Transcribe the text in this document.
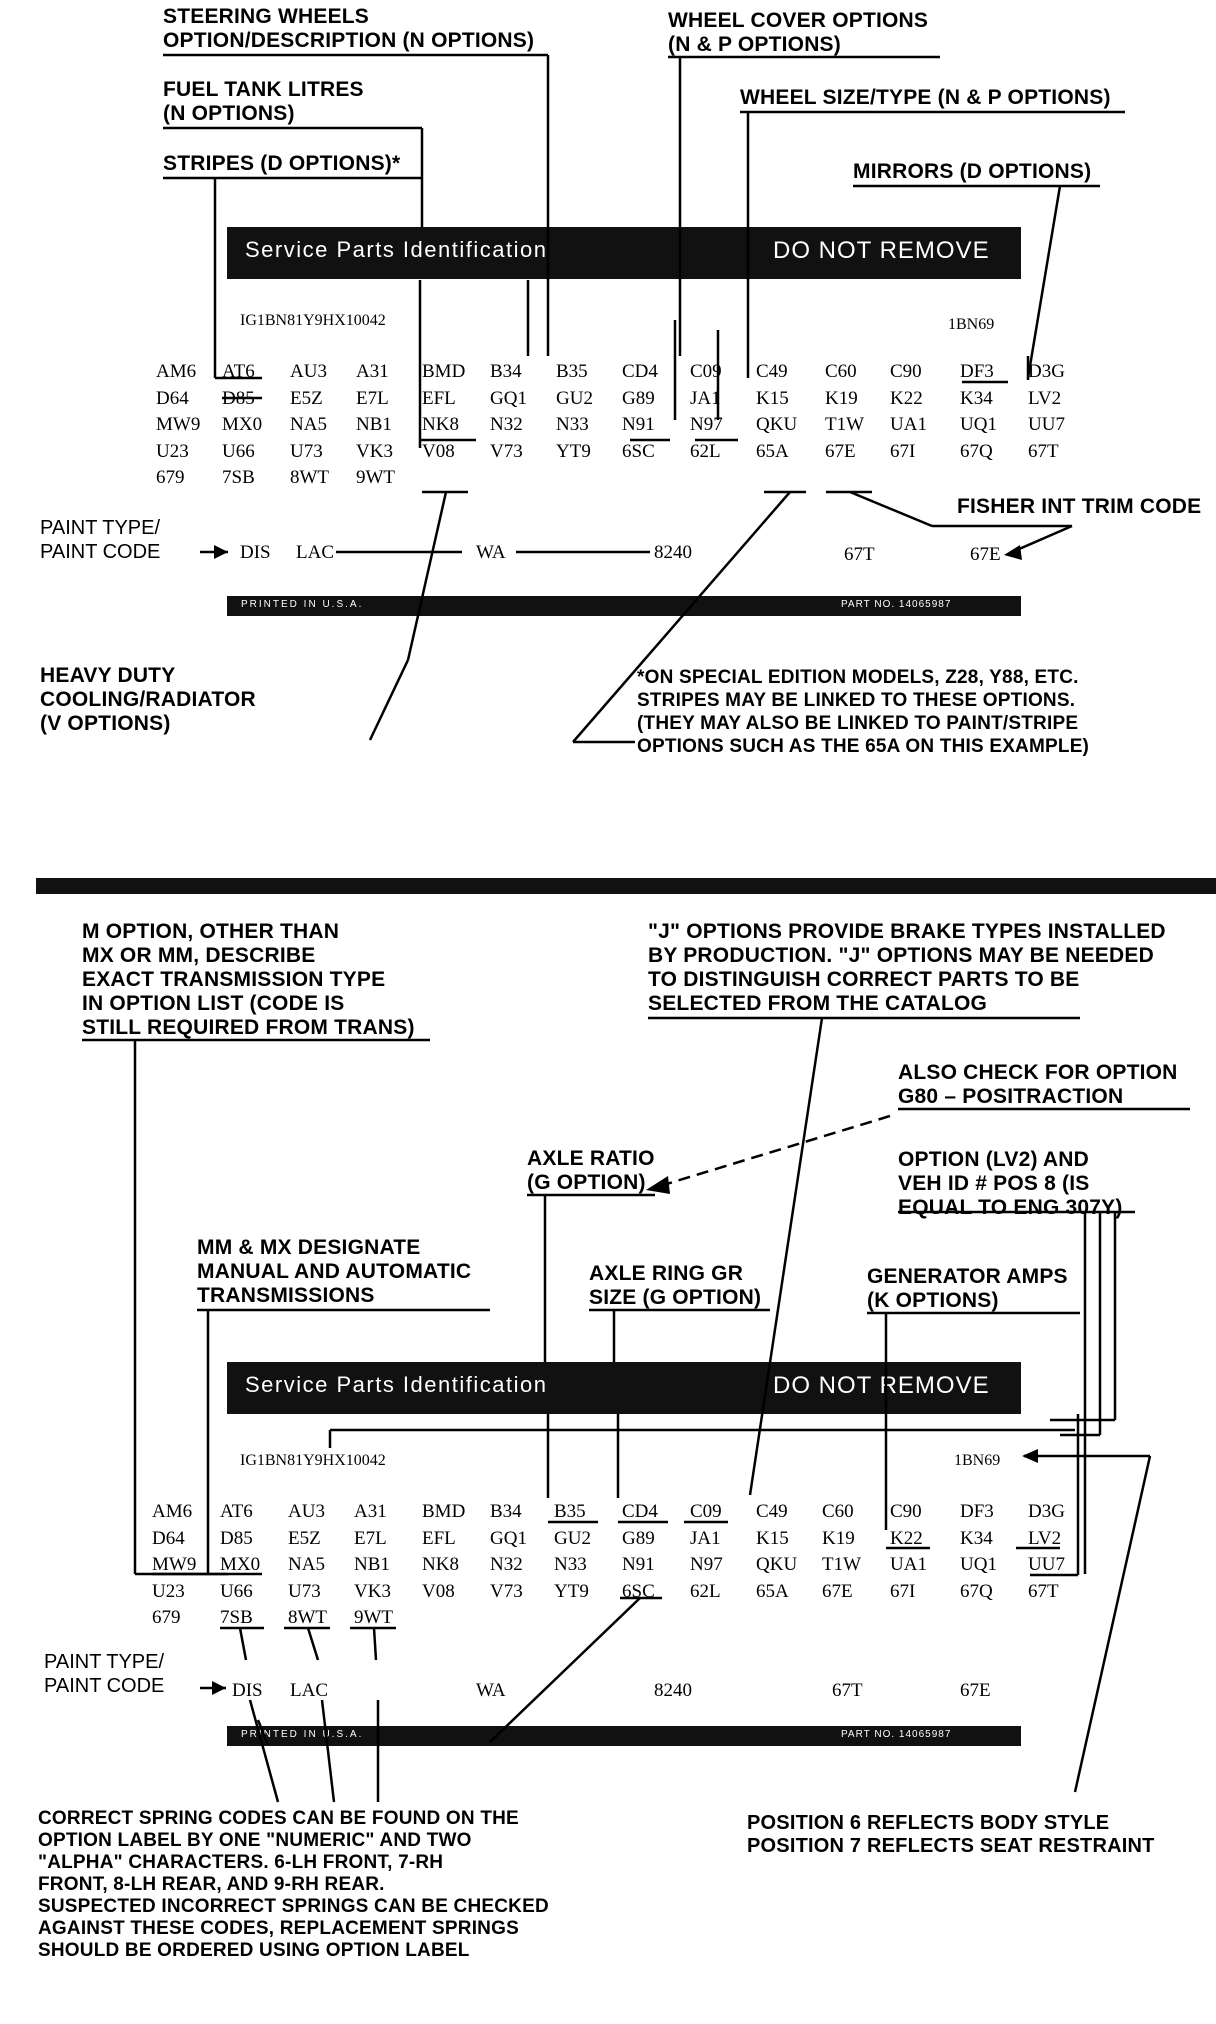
STEERING WHEELS
OPTION/DESCRIPTION (N OPTIONS)
FUEL TANK LITRES
(N OPTIONS)
STRIPES (D OPTIONS)*
WHEEL COVER OPTIONS
(N & P OPTIONS)
WHEEL SIZE/TYPE (N & P OPTIONS)
MIRRORS (D OPTIONS)
Service Parts Identification	DO NOT REMOVE
IG1BN81Y9HX10042	1BN69
AM6 AT6 AU3 A31 BMD B34 B35 CD4 C09 C49 C60 C90 DF3 D3G
D64 D85 E5Z E7L EFL GQ1 GU2 G89 JA1 K15 K19 K22 K34 LV2
MW9 MX0 NA5 NB1 NK8 N32 N33 N91 N97 QKU T1W UA1 UQ1 UU7
U23 U66 U73 VK3 V08 V73 YT9 6SC 62L 65A 67E 67I 67Q 67T
679 7SB 8WT 9WT
PAINT TYPE/
PAINT CODE	DIS LAC	WA	8240	67T	67E
PRINTED IN U.S.A.	PART NO. 14065987
FISHER INT TRIM CODE
HEAVY DUTY
COOLING/RADIATOR
(V OPTIONS)
*ON SPECIAL EDITION MODELS, Z28, Y88, ETC.
STRIPES MAY BE LINKED TO THESE OPTIONS.
(THEY MAY ALSO BE LINKED TO PAINT/STRIPE
OPTIONS SUCH AS THE 65A ON THIS EXAMPLE)
M OPTION, OTHER THAN
MX OR MM, DESCRIBE
EXACT TRANSMISSION TYPE
IN OPTION LIST (CODE IS
STILL REQUIRED FROM TRANS)
"J" OPTIONS PROVIDE BRAKE TYPES INSTALLED
BY PRODUCTION. "J" OPTIONS MAY BE NEEDED
TO DISTINGUISH CORRECT PARTS TO BE
SELECTED FROM THE CATALOG
ALSO CHECK FOR OPTION
G80 – POSITRACTION
OPTION (LV2) AND
VEH ID # POS 8 (IS
EQUAL TO ENG 307Y)
AXLE RATIO
(G OPTION)
MM & MX DESIGNATE
MANUAL AND AUTOMATIC
TRANSMISSIONS
AXLE RING GR
SIZE (G OPTION)
GENERATOR AMPS
(K OPTIONS)
Service Parts Identification	DO NOT REMOVE
IG1BN81Y9HX10042	1BN69
AM6 AT6 AU3 A31 BMD B34 B35 CD4 C09 C49 C60 C90 DF3 D3G
D64 D85 E5Z E7L EFL GQ1 GU2 G89 JA1 K15 K19 K22 K34 LV2
MW9 MX0 NA5 NB1 NK8 N32 N33 N91 N97 QKU T1W UA1 UQ1 UU7
U23 U66 U73 VK3 V08 V73 YT9 6SC 62L 65A 67E 67I 67Q 67T
679 7SB 8WT 9WT
PAINT TYPE/
PAINT CODE	DIS LAC	WA	8240	67T	67E
PRINTED IN U.S.A.	PART NO. 14065987
CORRECT SPRING CODES CAN BE FOUND ON THE
OPTION LABEL BY ONE "NUMERIC" AND TWO
"ALPHA" CHARACTERS. 6-LH FRONT, 7-RH
FRONT, 8-LH REAR, AND 9-RH REAR.
SUSPECTED INCORRECT SPRINGS CAN BE CHECKED
AGAINST THESE CODES, REPLACEMENT SPRINGS
SHOULD BE ORDERED USING OPTION LABEL
POSITION 6 REFLECTS BODY STYLE
POSITION 7 REFLECTS SEAT RESTRAINT
